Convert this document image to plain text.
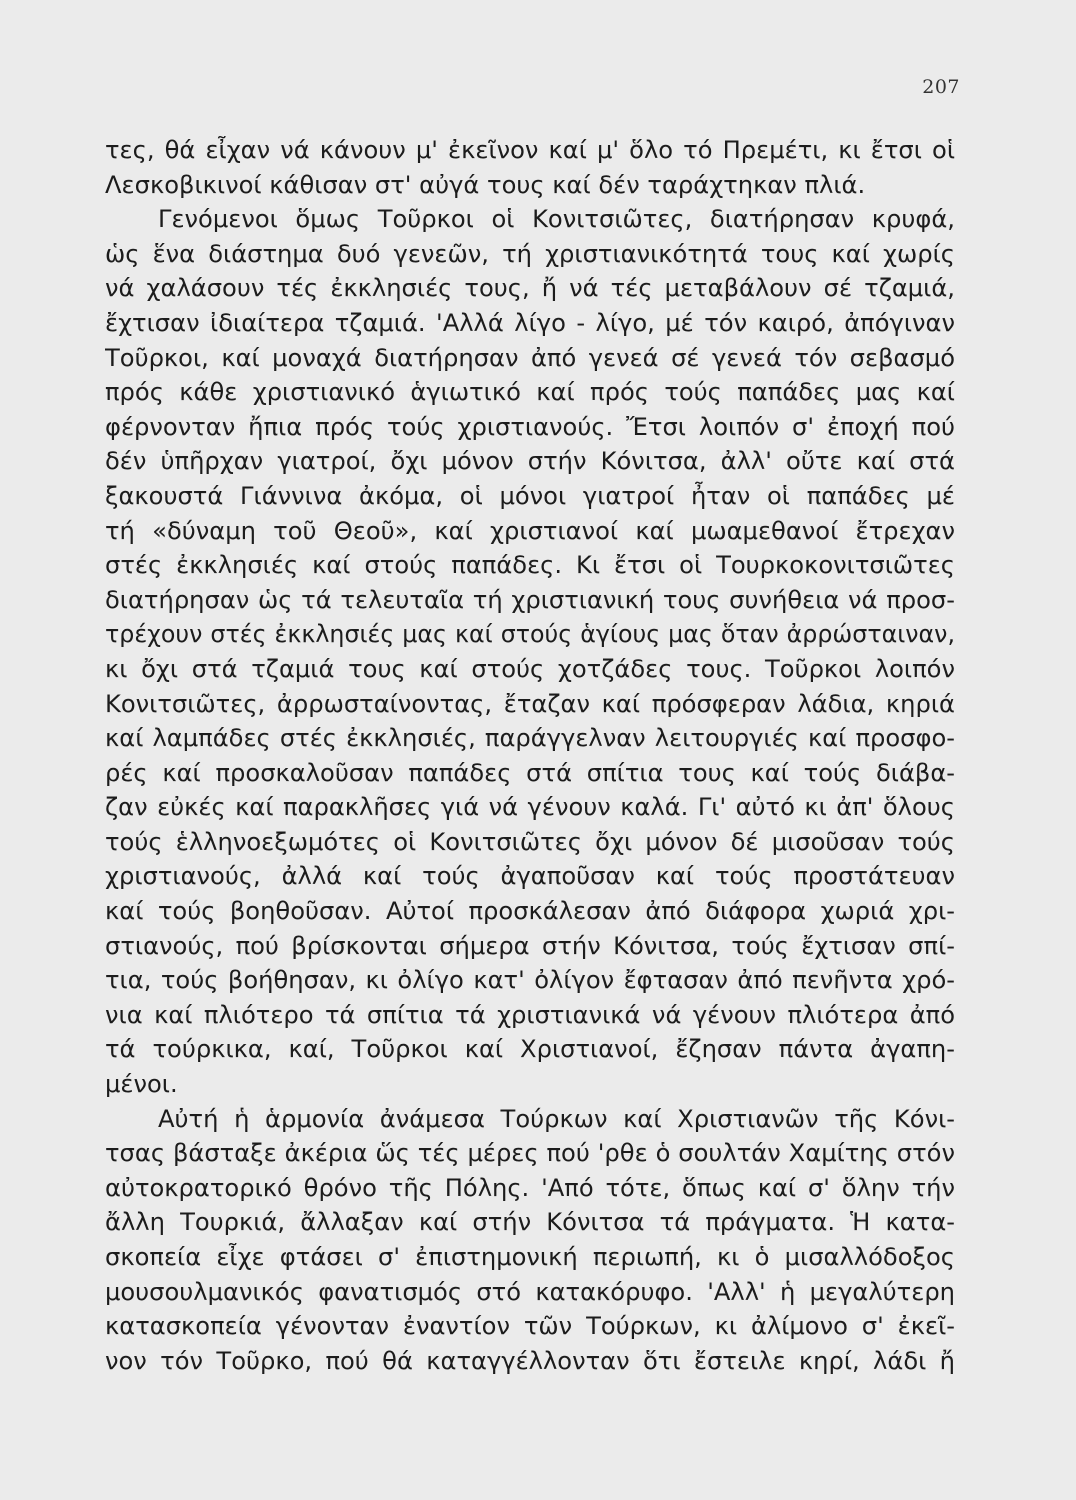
207
τες, θά εἶχαν νά κάνουν μ' ἐκεῖνον καί μ' ὅλο τό Πρεμέτι, κι ἔτσι οἱ
Λεσκοβικινοί κάθισαν στ' αὐγά τους καί δέν ταράχτηκαν πλιά.
Γενόμενοι ὅμως Τοῦρκοι οἱ Κονιτσιῶτες, διατήρησαν κρυφά,
ὡς ἕνα διάστημα δυό γενεῶν, τή χριστιανικότητά τους καί χωρίς
νά χαλάσουν τές ἐκκλησιές τους, ἤ νά τές μεταβάλουν σέ τζαμιά,
ἔχτισαν ἰδιαίτερα τζαμιά. 'Αλλά λίγο - λίγο, μέ τόν καιρό, ἀπόγιναν
Τοῦρκοι, καί μοναχά διατήρησαν ἀπό γενεά σέ γενεά τόν σεβασμό
πρός κάθε χριστιανικό ἁγιωτικό καί πρός τούς παπάδες μας καί
φέρνονταν ἤπια πρός τούς χριστιανούς. Ἔτσι λοιπόν σ' ἐποχή πού
δέν ὑπῆρχαν γιατροί, ὄχι μόνον στήν Κόνιτσα, ἀλλ' οὔτε καί στά
ξακουστά Γιάννινα ἀκόμα, οἱ μόνοι γιατροί ἦταν οἱ παπάδες μέ
τή «δύναμη τοῦ Θεοῦ», καί χριστιανοί καί μωαμεθανοί ἔτρεχαν
στές ἐκκλησιές καί στούς παπάδες. Κι ἔτσι οἱ Τουρκοκονιτσιῶτες
διατήρησαν ὡς τά τελευταῖα τή χριστιανική τους συνήθεια νά προσ-
τρέχουν στές ἐκκλησιές μας καί στούς ἁγίους μας ὅταν ἀρρώσταιναν,
κι ὄχι στά τζαμιά τους καί στούς χοτζάδες τους. Τοῦρκοι λοιπόν
Κονιτσιῶτες, ἀρρωσταίνοντας, ἔταζαν καί πρόσφεραν λάδια, κηριά
καί λαμπάδες στές ἐκκλησιές, παράγγελναν λειτουργιές καί προσφο-
ρές καί προσκαλοῦσαν παπάδες στά σπίτια τους καί τούς διάβα-
ζαν εὐκές καί παρακλῆσες γιά νά γένουν καλά. Γι' αὐτό κι ἀπ' ὅλους
τούς ἑλληνοεξωμότες οἱ Κονιτσιῶτες ὄχι μόνον δέ μισοῦσαν τούς
χριστιανούς, ἀλλά καί τούς ἀγαποῦσαν καί τούς προστάτευαν
καί τούς βοηθοῦσαν. Αὐτοί προσκάλεσαν ἀπό διάφορα χωριά χρι-
στιανούς, πού βρίσκονται σήμερα στήν Κόνιτσα, τούς ἔχτισαν σπί-
τια, τούς βοήθησαν, κι ὀλίγο κατ' ὀλίγον ἔφτασαν ἀπό πενῆντα χρό-
νια καί πλιότερο τά σπίτια τά χριστιανικά νά γένουν πλιότερα ἀπό
τά τούρκικα, καί, Τοῦρκοι καί Χριστιανοί, ἔζησαν πάντα ἀγαπη-
μένοι.
Αὐτή ἡ ἁρμονία ἀνάμεσα Τούρκων καί Χριστιανῶν τῆς Κόνι-
τσας βάσταξε ἀκέρια ὥς τές μέρες πού 'ρθε ὁ σουλτάν Χαμίτης στόν
αὐτοκρατορικό θρόνο τῆς Πόλης. 'Από τότε, ὅπως καί σ' ὅλην τήν
ἄλλη Τουρκιά, ἄλλαξαν καί στήν Κόνιτσα τά πράγματα. Ἡ κατα-
σκοπεία εἶχε φτάσει σ' ἐπιστημονική περιωπή, κι ὁ μισαλλόδοξος
μουσουλμανικός φανατισμός στό κατακόρυφο. 'Αλλ' ἡ μεγαλύτερη
κατασκοπεία γένονταν ἐναντίον τῶν Τούρκων, κι ἀλίμονο σ' ἐκεῖ-
νον τόν Τοῦρκο, πού θά καταγγέλλονταν ὅτι ἔστειλε κηρί, λάδι ἤ
